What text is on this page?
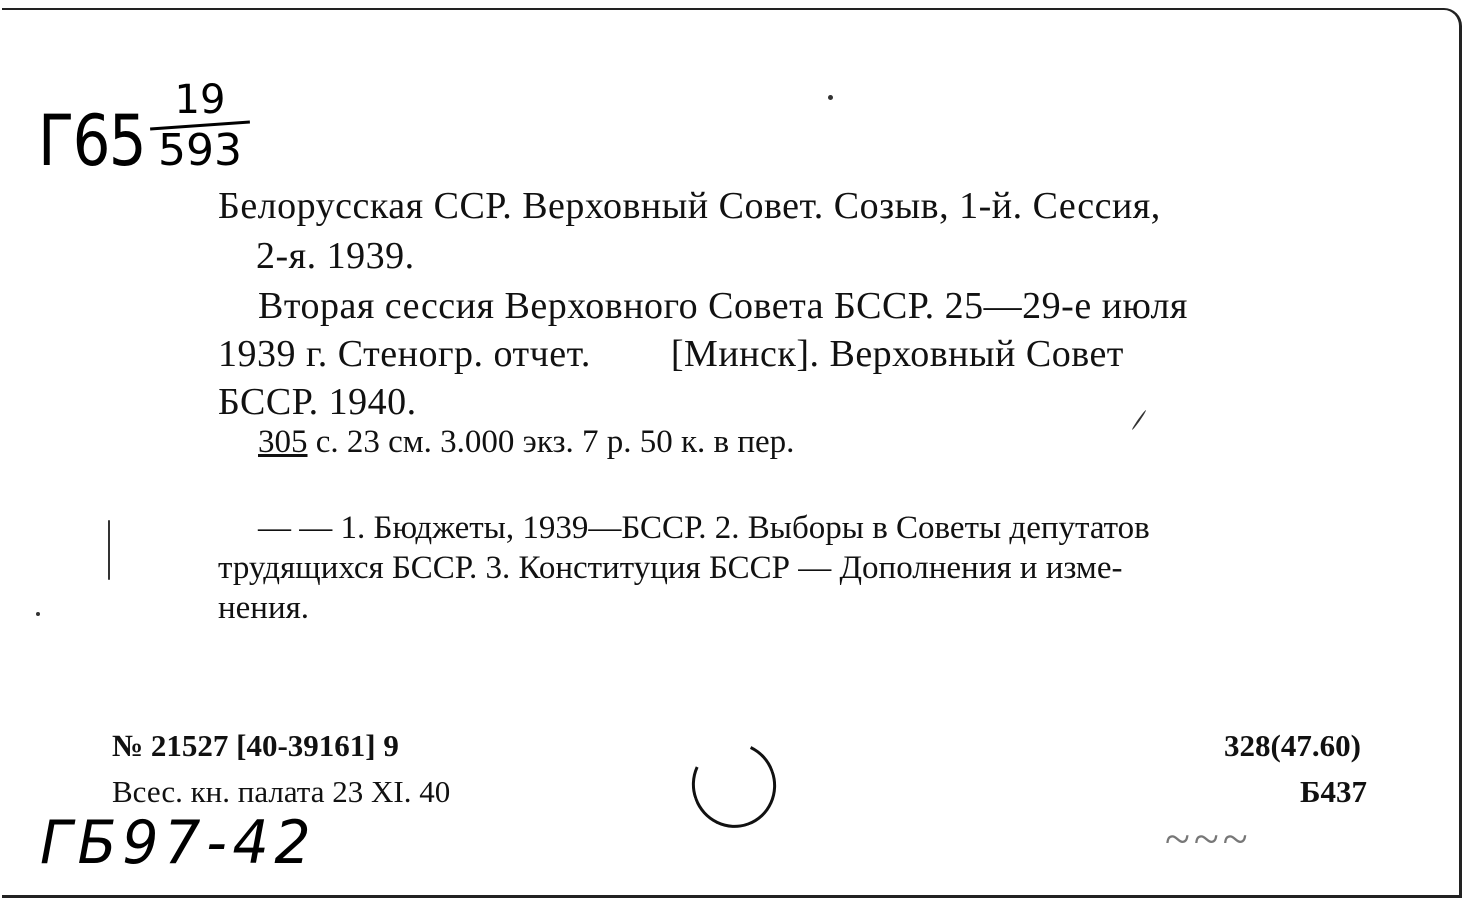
Г65 19
593
Белорусская ССР. Верховный Совет. Созыв, 1-й. Сессия,
2-я. 1939.
Вторая сессия Верховного Совета БССР. 25—29-е июля
1939 г. Стеногр. отчет.        [Минск]. Верховный Совет
БССР. 1940.
305 с. 23 см. 3.000 экз. 7 р. 50 к. в пер.
— — 1. Бюджеты, 1939—БССР. 2. Выборы в Советы депутатов
трудящихся БССР. 3. Конституция БССР — Дополнения и изме-
нения.
№ 21527 [40-39161] 9
Всес. кн. палата 23 XI. 40
328(47.60)
Б437
ГБ97-42	~~~
